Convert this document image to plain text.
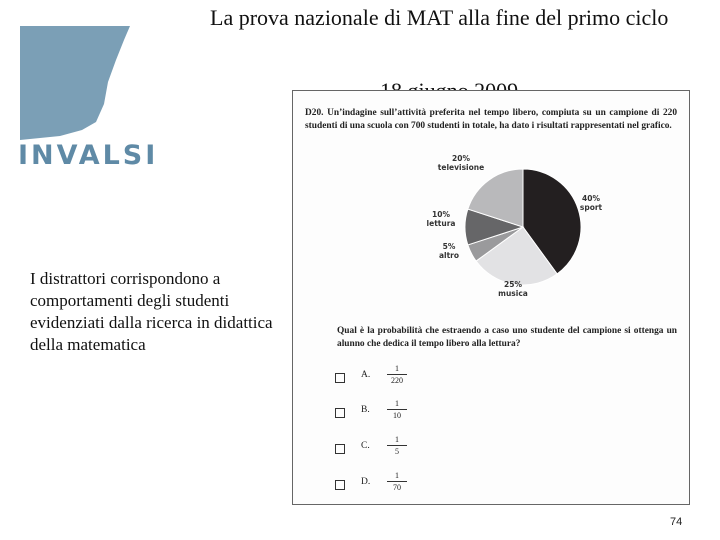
INVALSI
La prova nazionale di MAT alla fine del primo ciclo
I distrattori corrispondono a comportamenti degli studenti evidenziati dalla ricerca in didattica della matematica
D20. Un’indagine sull’attività preferita nel tempo libero, compiuta su un campione di 220 studenti di una scuola con 700 studenti in totale, ha dato i risultati rappresentati nel grafico.
40%
sport
25%
musica
5%
altro
10%
lettura
20%
televisione
Qual è la probabilità che estraendo a caso uno studente del campione si ottenga un alunno che dedica il tempo libero alla lettura?
A. $\frac{1}{220}$
B. $\frac{1}{10}$
C. $\frac{1}{5}$
D. $\frac{1}{70}$
74
